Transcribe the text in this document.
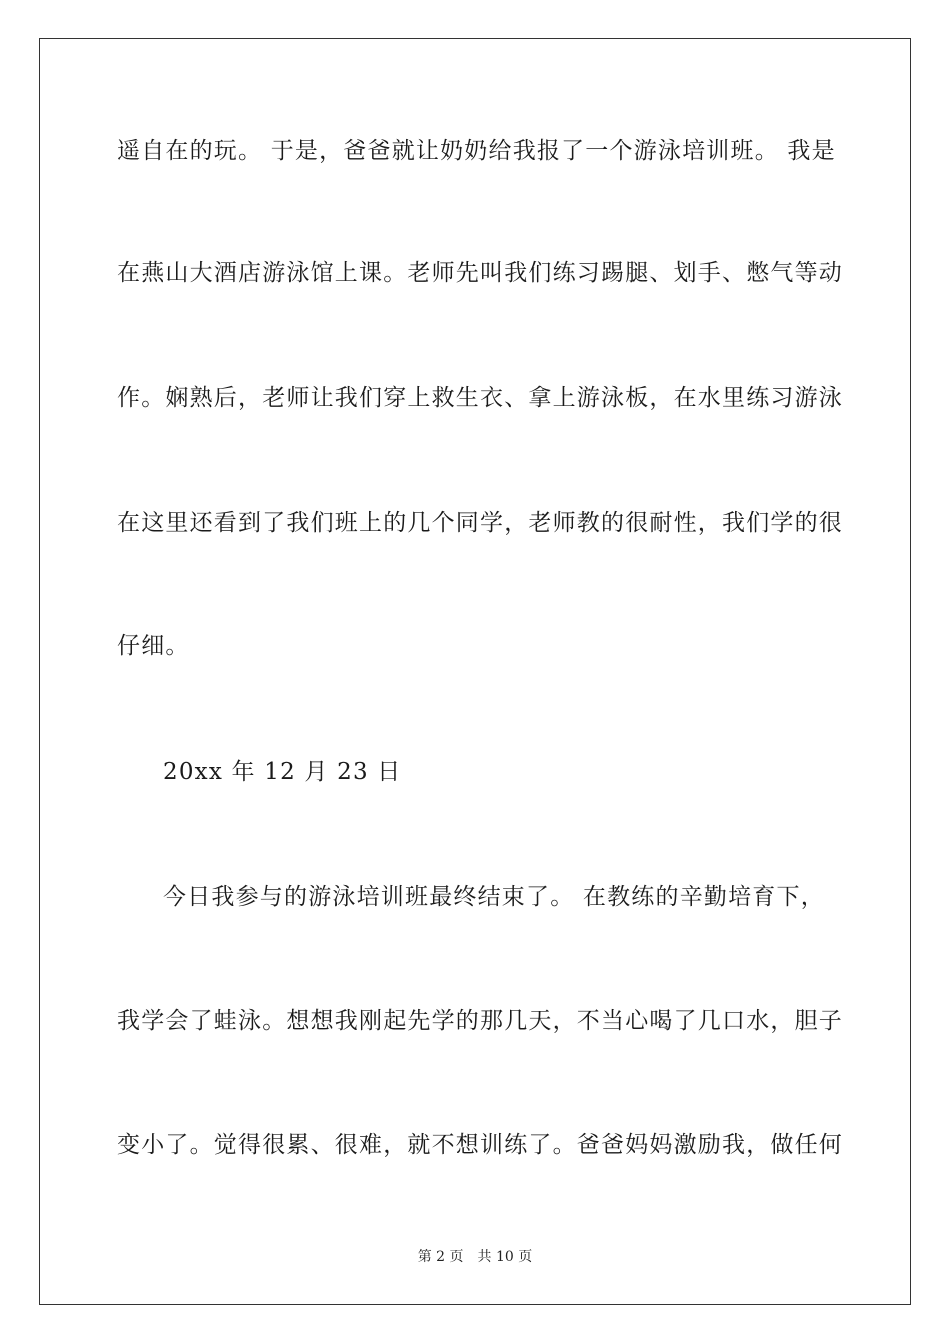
遥自在的玩。 于是，爸爸就让奶奶给我报了一个游泳培训班。 我是
在燕山大酒店游泳馆上课。老师先叫我们练习踢腿、划手、憋气等动
作。娴熟后，老师让我们穿上救生衣、拿上游泳板，在水里练习游泳
在这里还看到了我们班上的几个同学，老师教的很耐性，我们学的很
仔细。
20xx 年 12 月 23 日
今日我参与的游泳培训班最终结束了。 在教练的辛勤培育下，
我学会了蛙泳。想想我刚起先学的那几天，不当心喝了几口水，胆子
变小了。觉得很累、很难，就不想训练了。爸爸妈妈激励我，做任何
第 2 页 共 10 页
